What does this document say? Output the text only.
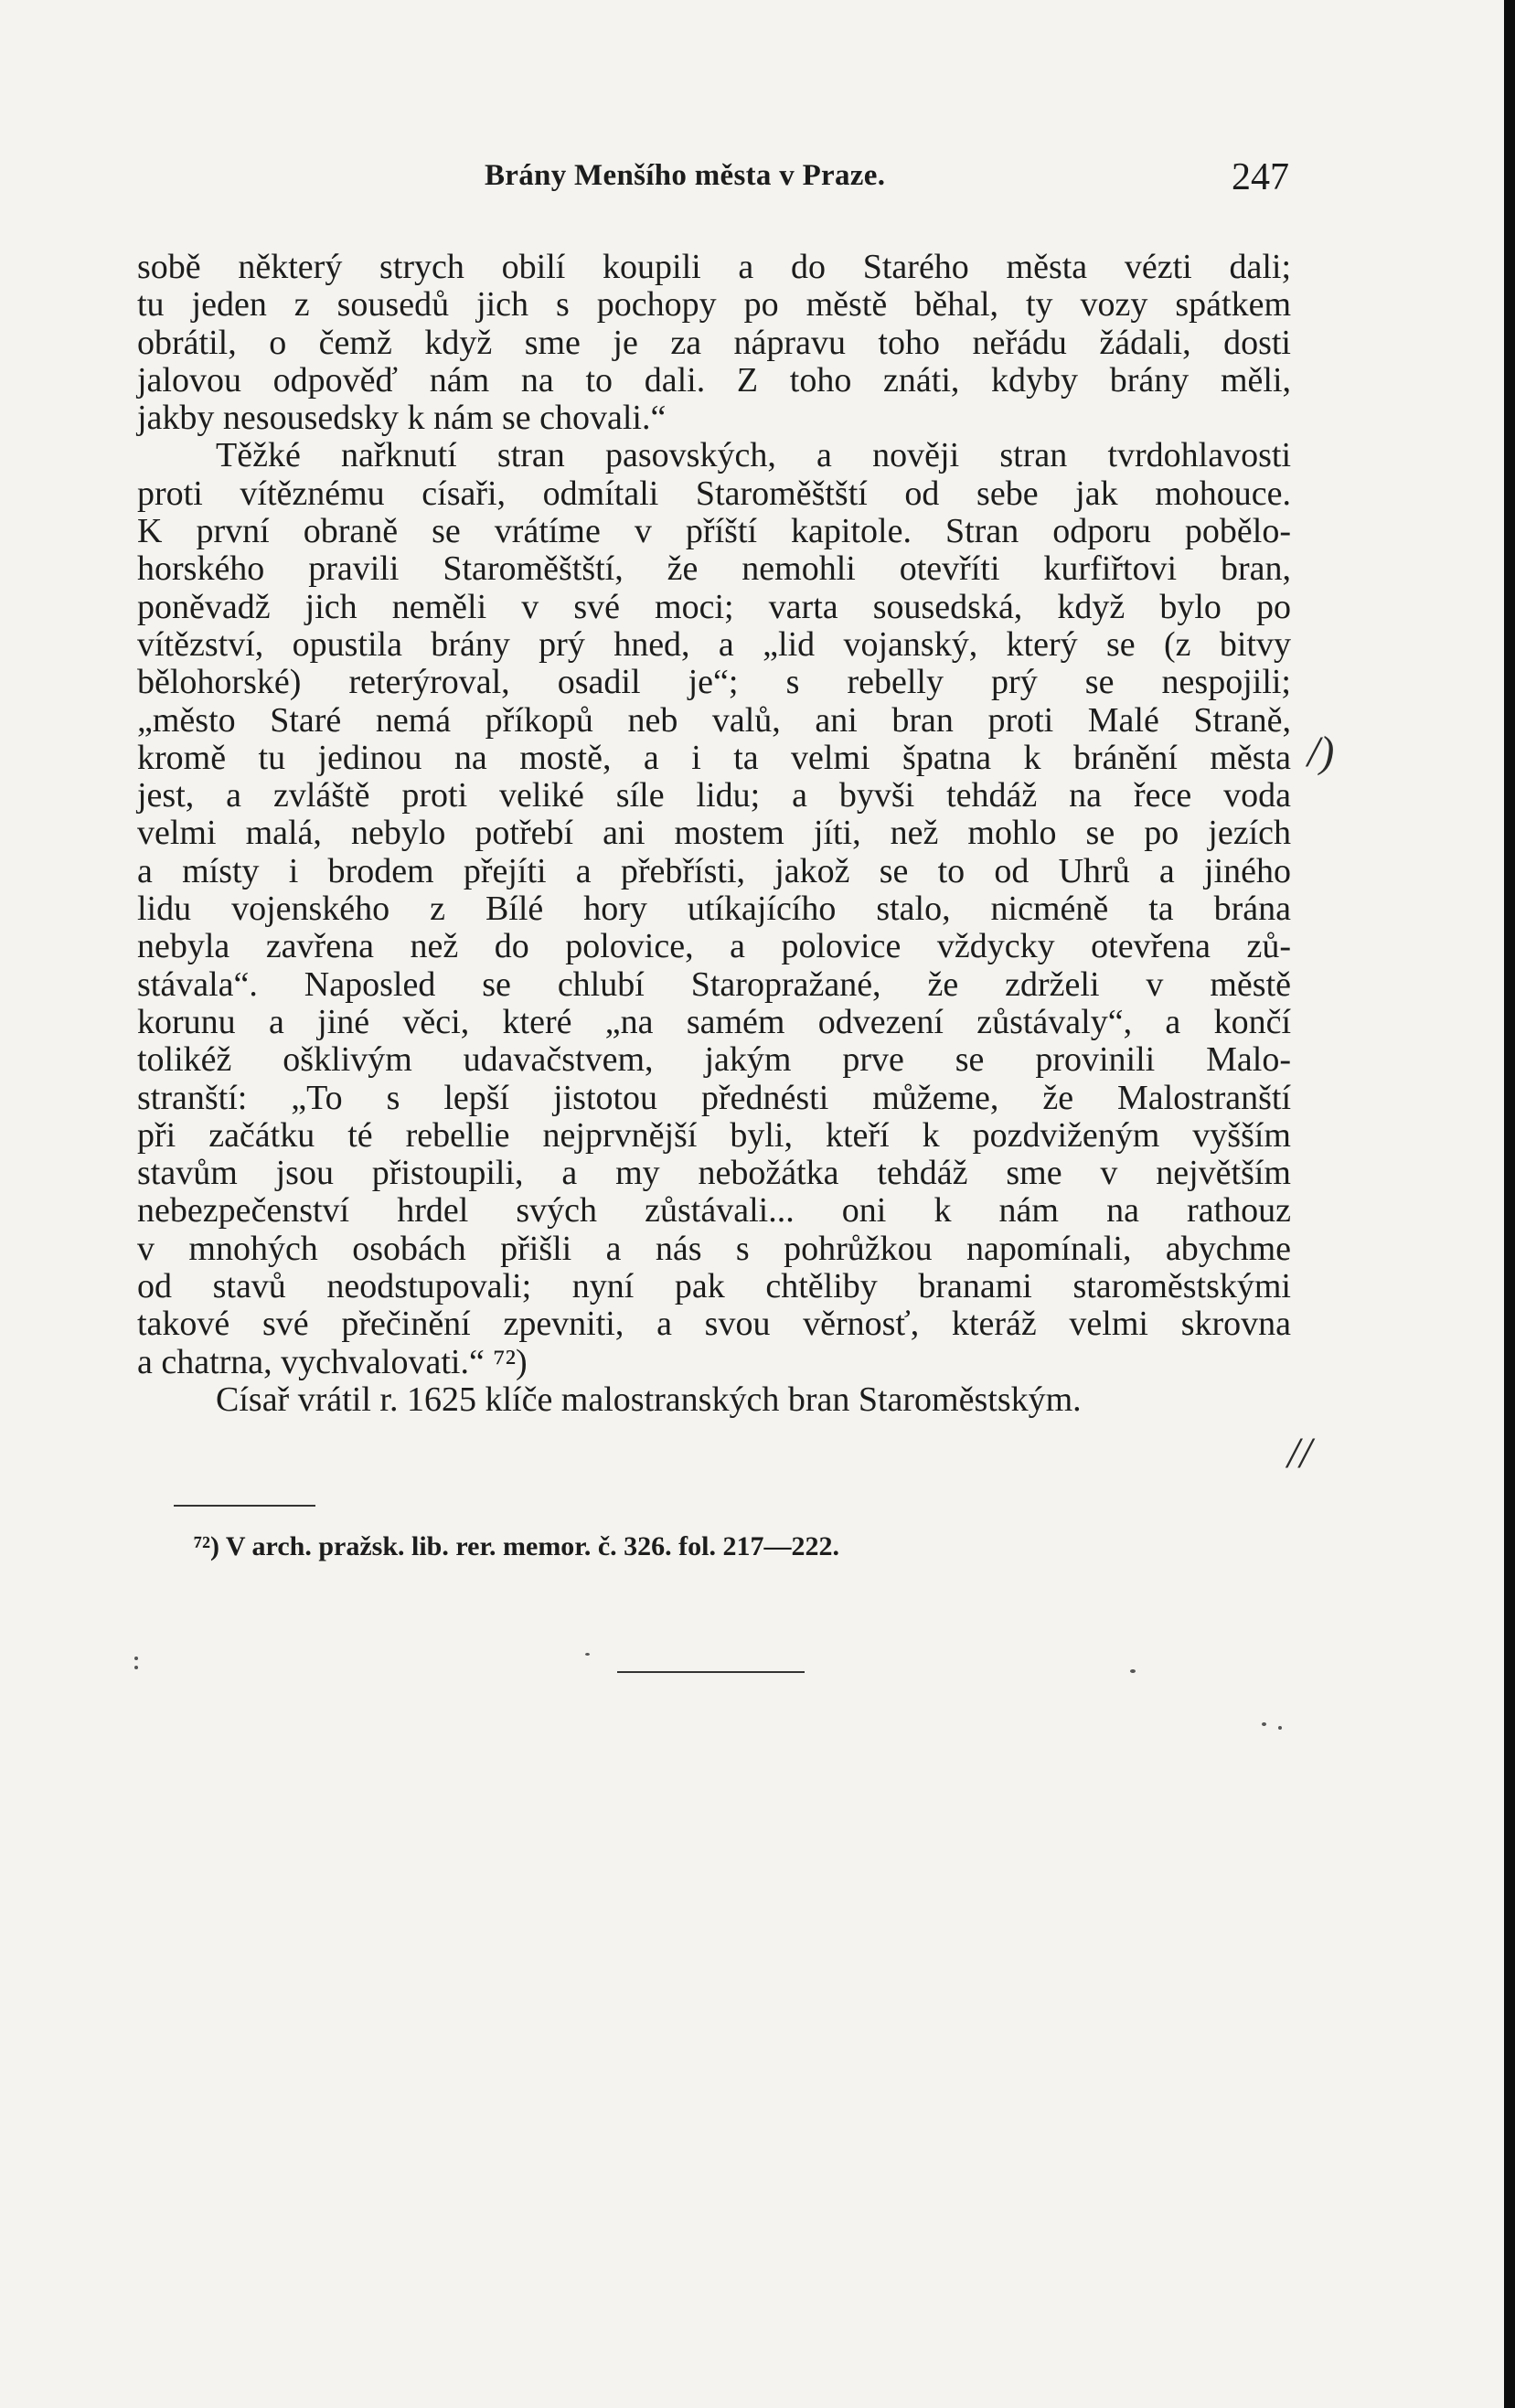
Brány Menšího města v Praze.	247
sobě některý strych obilí koupili a do Starého města vézti dali;
tu jeden z sousedů jich s pochopy po městě běhal, ty vozy spátkem
obrátil, o čemž když sme je za nápravu toho neřádu žádali, dosti
jalovou odpověď nám na to dali. Z toho znáti, kdyby brány měli,
jakby nesousedsky k nám se chovali.“
Těžké nařknutí stran pasovských, a nověji stran tvrdohlavosti
proti vítěznému císaři, odmítali Staroměštští od sebe jak mohouce.
K první obraně se vrátíme v příští kapitole. Stran odporu pobělo-
horského pravili Staroměštští, že nemohli otevříti kurfiřtovi bran,
poněvadž jich neměli v své moci; varta sousedská, když bylo po
vítězství, opustila brány prý hned, a „lid vojanský, který se (z bitvy
bělohorské) reterýroval, osadil je“; s rebelly prý se nespojili;
„město Staré nemá příkopů neb valů, ani bran proti Malé Straně,
kromě tu jedinou na mostě, a i ta velmi špatna k bránění města
jest, a zvláště proti veliké síle lidu; a byvši tehdáž na řece voda
velmi malá, nebylo potřebí ani mostem jíti, než mohlo se po jezích
a místy i brodem přejíti a přebřísti, jakož se to od Uhrů a jiného
lidu vojenského z Bílé hory utíkajícího stalo, nicméně ta brána
nebyla zavřena než do polovice, a polovice vždycky otevřena zů-
stávala“. Naposled se chlubí Staropražané, že zdrželi v městě
korunu a jiné věci, které „na samém odvezení zůstávaly“, a končí
tolikéž ošklivým udavačstvem, jakým prve se provinili Malo-
stranští: „To s lepší jistotou přednésti můžeme, že Malostranští
při začátku té rebellie nejprvnější byli, kteří k pozdviženým vyšším
stavům jsou přistoupili, a my nebožátka tehdáž sme v největším
nebezpečenství hrdel svých zůstávali... oni k nám na rathouz
v mnohých osobách přišli a nás s pohrůžkou napomínali, abychme
od stavů neodstupovali; nyní pak chtěliby branami staroměstskými
takové své přečinění zpevniti, a svou věrnosť, kteráž velmi skrovna
a chatrna, vychvalovati.“ ⁷²)
Císař vrátil r. 1625 klíče malostranských bran Staroměstským.
/)
//
⁷²) V arch. pražsk. lib. rer. memor. č. 326. fol. 217—222.
